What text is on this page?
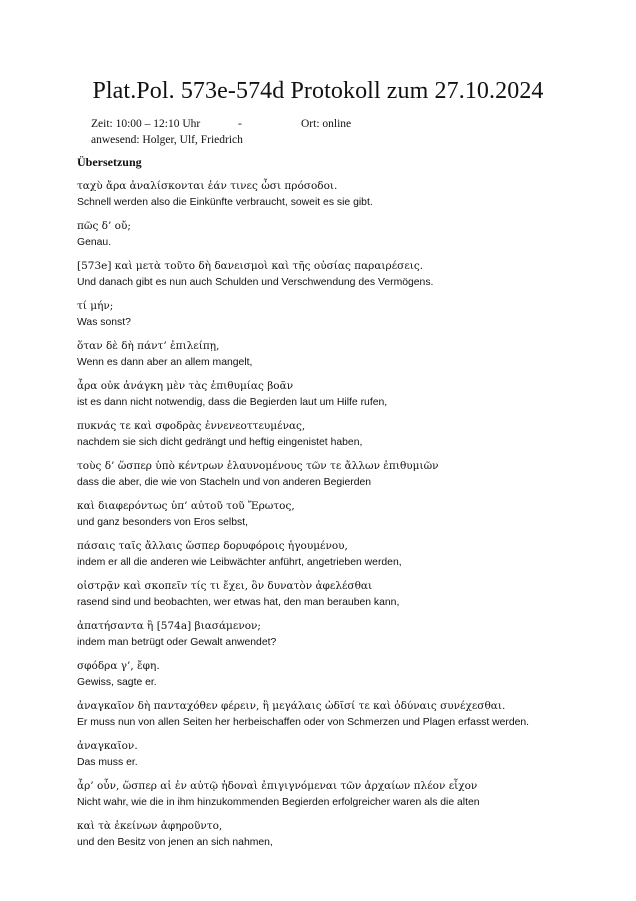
Plat.Pol. 573e-574d Protokoll zum 27.10.2024
Zeit: 10:00 – 12:10 Uhr	-	Ort: online
anwesend: Holger, Ulf, Friedrich
Übersetzung
ταχὺ ἄρα ἀναλίσκονται ἐάν τινες ὦσι πρόσοδοι.
Schnell werden also die Einkünfte verbraucht, soweit es sie gibt.
πῶς δ’ οὔ;
Genau.
[573e] καὶ μετὰ τοῦτο δὴ δανεισμοὶ καὶ τῆς οὐσίας παραιρέσεις.
Und danach gibt es nun auch Schulden und Verschwendung des Vermögens.
τί μήν;
Was sonst?
ὅταν δὲ δὴ πάντ’ ἐπιλείπῃ,
Wenn es dann aber an allem mangelt,
ἆρα οὐκ ἀνάγκη μὲν τὰς ἐπιθυμίας βοᾶν
ist es dann nicht notwendig, dass die Begierden laut um Hilfe rufen,
πυκνάς τε καὶ σφοδρὰς ἐννενεοττευμένας,
nachdem sie sich dicht gedrängt und heftig eingenistet haben,
τοὺς δ’ ὥσπερ ὑπὸ κέντρων ἐλαυνομένους τῶν τε ἄλλων ἐπιθυμιῶν
dass die aber, die wie von Stacheln und von anderen Begierden
καὶ διαφερόντως ὑπ’ αὐτοῦ τοῦ Ἔρωτος,
und ganz besonders von Eros selbst,
πάσαις ταῖς ἄλλαις ὥσπερ δορυφόροις ἡγουμένου,
indem er all die anderen wie Leibwächter anführt, angetrieben werden,
οἰστρᾷν καὶ σκοπεῖν τίς τι ἔχει, ὃν δυνατὸν ἀφελέσθαι
rasend sind und beobachten, wer etwas hat, den man berauben kann,
ἀπατήσαντα ἢ [574a] βιασάμενον;
indem man betrügt oder Gewalt anwendet?
σφόδρα γ’, ἔφη.
Gewiss, sagte er.
ἀναγκαῖον δὴ πανταχόθεν φέρειν, ἢ μεγάλαις ὠδῖσί τε καὶ ὀδύναις συνέχεσθαι.
Er muss nun von allen Seiten her herbeischaffen oder von Schmerzen und Plagen erfasst werden.
ἀναγκαῖον.
Das muss er.
ἆρ’ οὖν, ὥσπερ αἱ ἐν αὐτῷ ἡδοναὶ ἐπιγιγνόμεναι τῶν ἀρχαίων πλέον εἶχον
Nicht wahr, wie die in ihm hinzukommenden Begierden erfolgreicher waren als die alten
καὶ τὰ ἐκείνων ἀφηροῦντο,
und den Besitz von jenen an sich nahmen,
